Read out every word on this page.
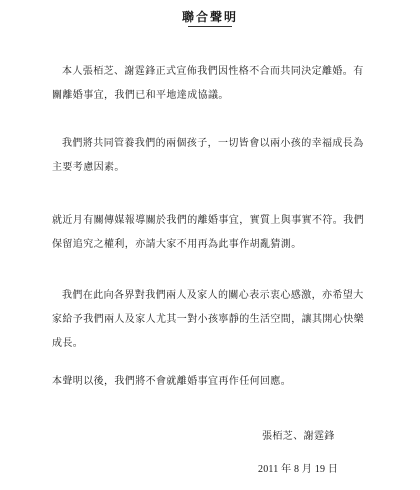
聯合聲明

本人張栢芝、謝霆鋒正式宣佈我們因性格不合而共同決定離婚。有關離婚事宜，我們已和平地達成協議。

我們將共同管養我們的兩個孩子，一切皆會以兩小孩的幸福成長為主要考慮因素。

就近月有關傳媒報導關於我們的離婚事宜，實質上與事實不符。我們保留追究之權利，亦請大家不用再為此事作胡亂猜測。

我們在此向各界對我們兩人及家人的關心表示衷心感激，亦希望大家給予我們兩人及家人尤其一對小孩寧靜的生活空間，讓其開心快樂成長。

本聲明以後，我們將不會就離婚事宜再作任何回應。

張栢芝、謝霆鋒
2011 年 8 月 19 日
